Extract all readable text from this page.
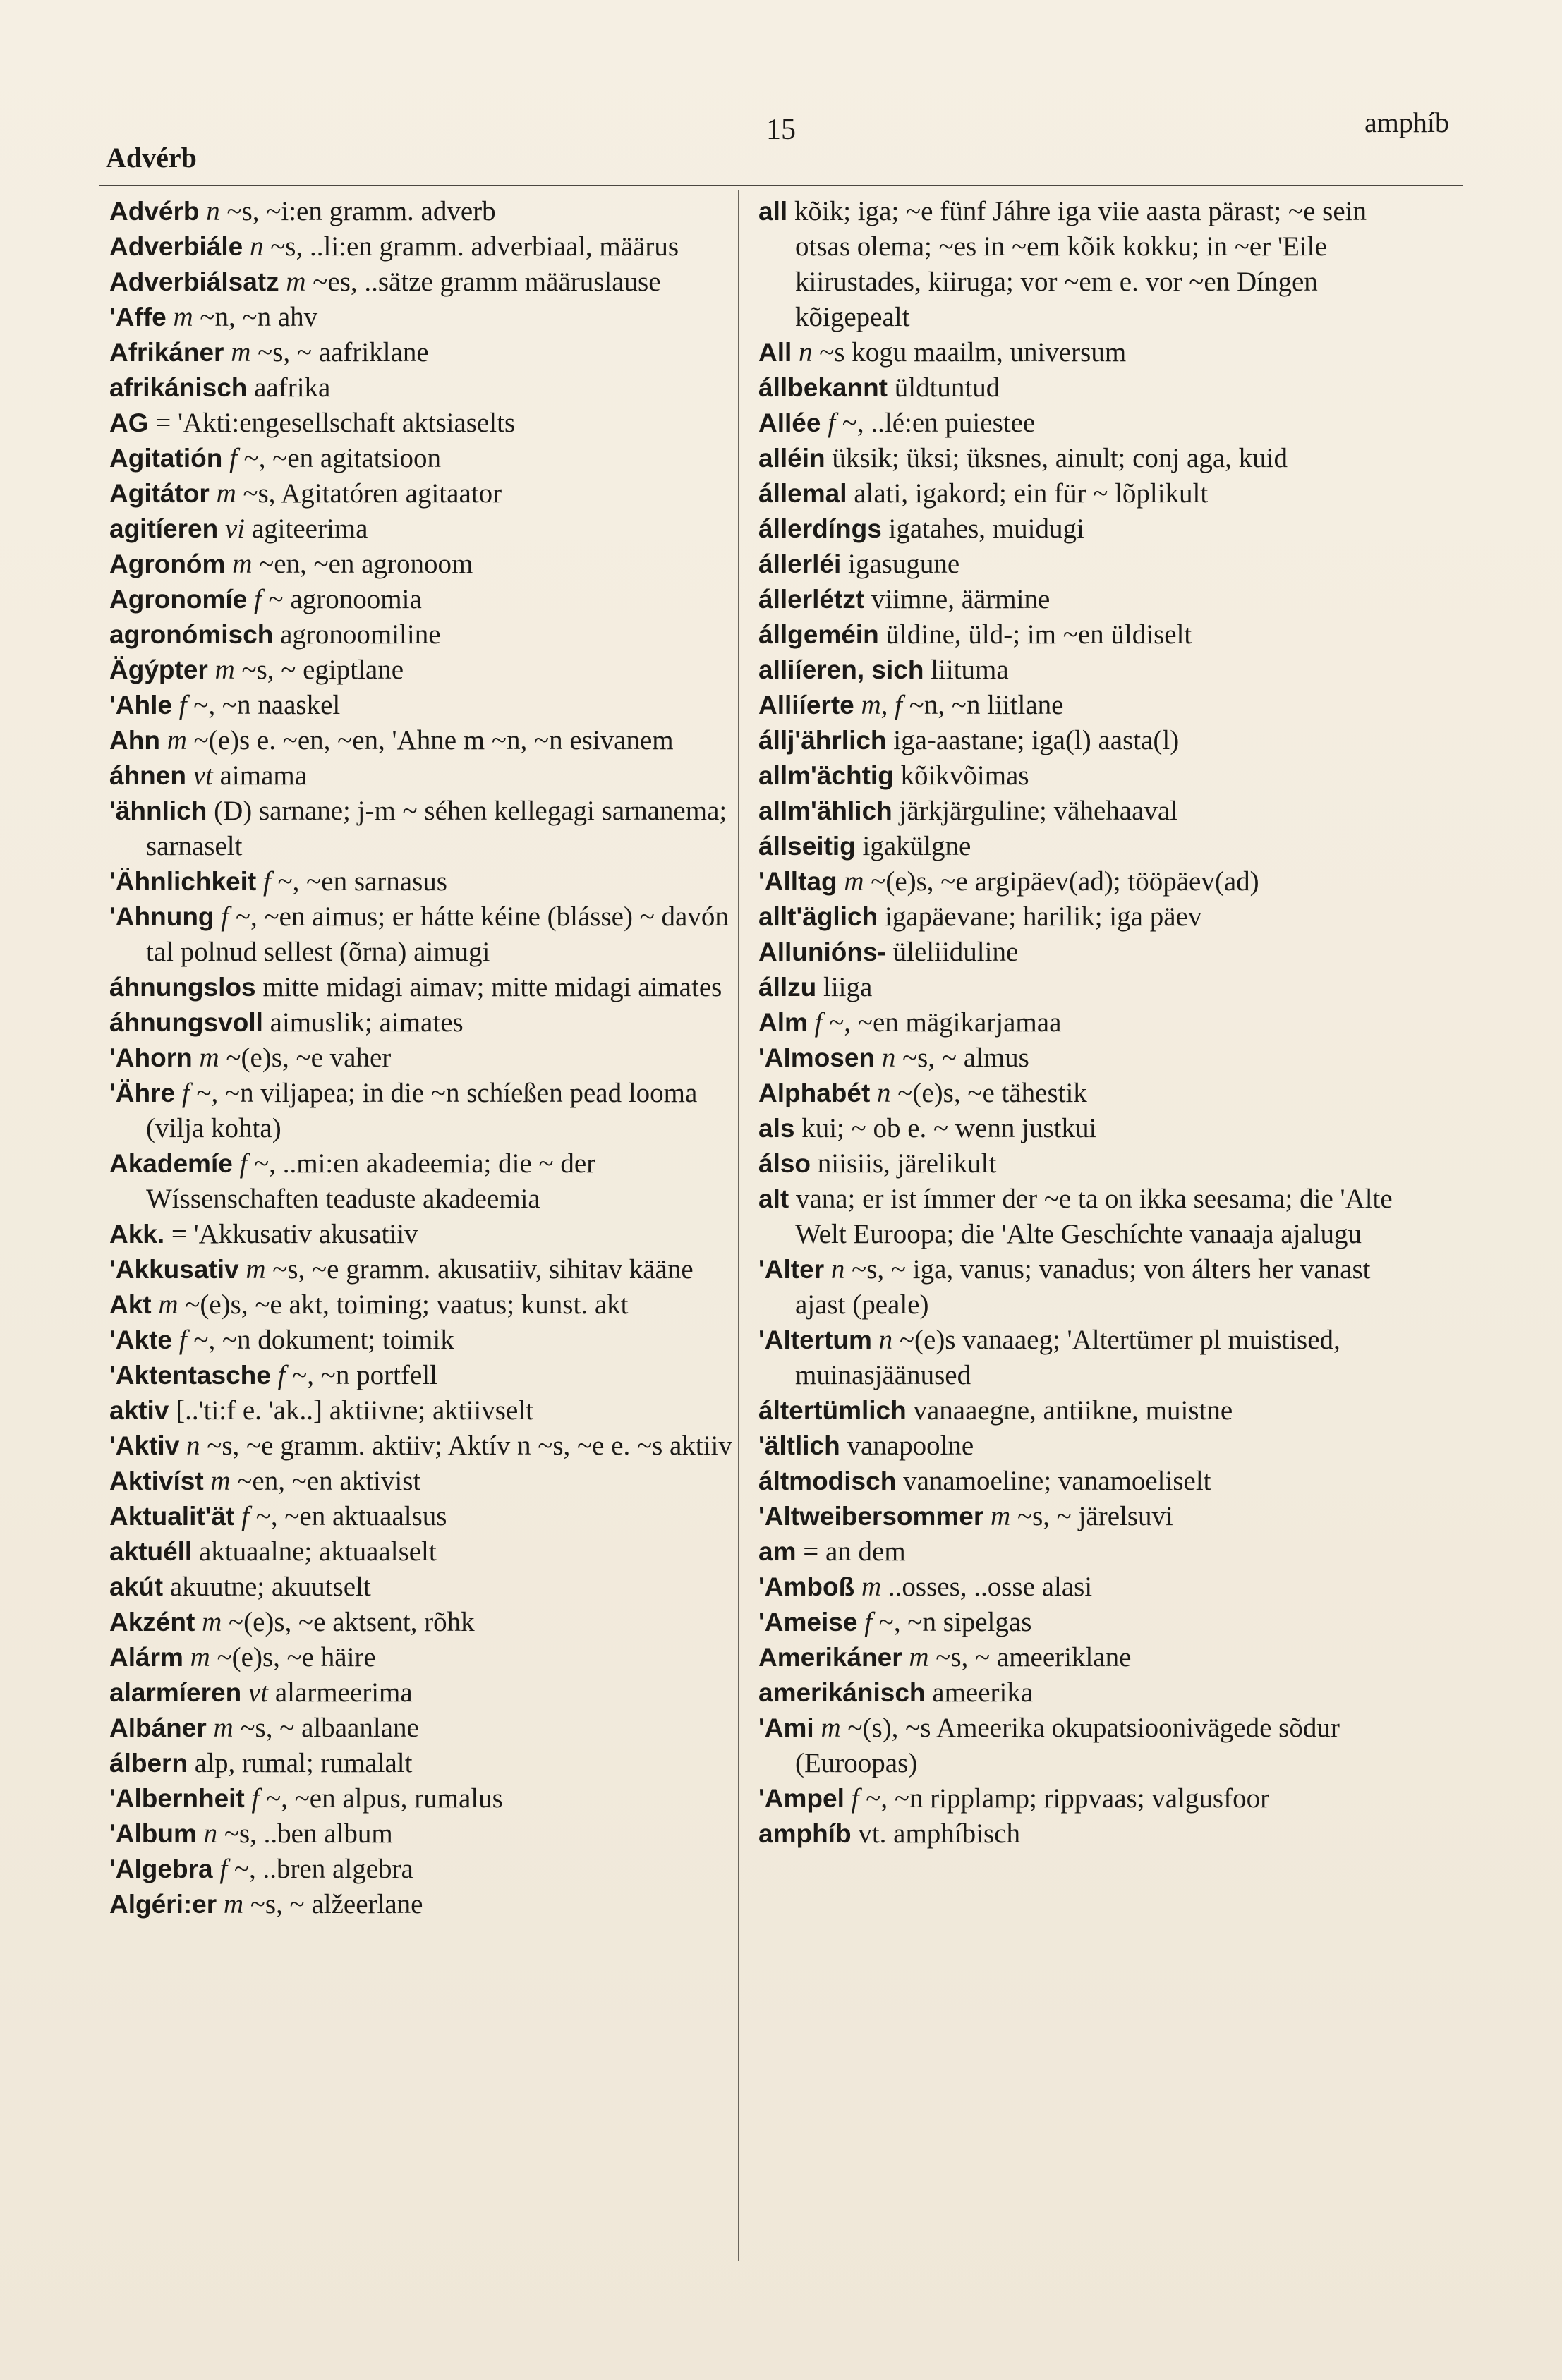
Advérb
15	amphíb

Advérb n ~s, ~i:en gramm. adverb

Adverbiále n ~s, ..li:en gramm. adverbiaal, määrus

Adverbiálsatz m ~es, ..sätze gramm määruslause

'Affe m ~n, ~n ahv

Afrikáner m ~s, ~ aafriklane

afrikánisch aafrika

AG = 'Akti:engesellschaft aktsiaselts

Agitatión f ~, ~en agitatsioon

Agitátor m ~s, Agitatóren agitaator

agitíeren vi agiteerima

Agronóm m ~en, ~en agronoom

Agronomíe f ~ agronoomia

agronómisch agronoomiline

Ägýpter m ~s, ~ egiptlane

'Ahle f ~, ~n naaskel

Ahn m ~(e)s e. ~en, ~en, 'Ahne m ~n, ~n esivanem

áhnen vt aimama

'ähnlich (D) sarnane; j-m ~ séhen kellegagi sarnanema; sarnaselt

'Ähnlichkeit f ~, ~en sarnasus

'Ahnung f ~, ~en aimus; er hátte kéine (blásse) ~ davón tal polnud sellest (õrna) aimugi

áhnungslos mitte midagi aimav; mitte midagi aimates

áhnungsvoll aimuslik; aimates

'Ahorn m ~(e)s, ~e vaher

'Ähre f ~, ~n viljapea; in die ~n schíeßen pead looma (vilja kohta)

Akademíe f ~, ..mi:en akadeemia; die ~ der Wíssenschaften teaduste akadeemia

Akk. = 'Akkusativ akusatiiv

'Akkusativ m ~s, ~e gramm. akusatiiv, sihitav kääne

Akt m ~(e)s, ~e akt, toiming; vaatus; kunst. akt

'Akte f ~, ~n dokument; toimik

'Aktentasche f ~, ~n portfell

aktiv [..'ti:f e. 'ak..] aktiivne; aktiivselt

'Aktiv n ~s, ~e gramm. aktiiv; Aktív n ~s, ~e e. ~s aktiiv

Aktivíst m ~en, ~en aktivist

Aktualit'ät f ~, ~en aktuaalsus

aktuéll aktuaalne; aktuaalselt

akút akuutne; akuutselt

Akzént m ~(e)s, ~e aktsent, rõhk

Alárm m ~(e)s, ~e häire

alarmíeren vt alarmeerima

Albáner m ~s, ~ albaanlane

álbern alp, rumal; rumalalt

'Albernheit f ~, ~en alpus, rumalus

'Album n ~s, ..ben album

'Algebra f ~, ..bren algebra

Algéri:er m ~s, ~ alžeerlane

all kõik; iga; ~e fünf Jáhre iga viie aasta pärast; ~e sein otsas olema; ~es in ~em kõik kokku; in ~er 'Eile kiirustades, kiiruga; vor ~em e. vor ~en Díngen kõigepealt

All n ~s kogu maailm, universum

állbekannt üldtuntud

Alléе f ~, ..lé:en puiestee

alléin üksik; üksi; üksnes, ainult; conj aga, kuid

állemal alati, igakord; ein für ~ lõplikult

állerdíngs igatahes, muidugi

állerléi igasugune

állerlétzt viimne, äärmine

állgeméin üldine, üld-; im ~en üldiselt

alliíeren, sich liituma

Alliíerte m, f ~n, ~n liitlane

állj'ährlich iga-aastane; iga(l) aasta(l)

allm'ächtig kõikvõimas

allm'ählich järkjärguline; vähehaaval

állseitig igakülgne

'Alltag m ~(e)s, ~e argipäev(ad); tööpäev(ad)

allt'äglich igapäevane; harilik; iga päev

Allunións- üleliiduline

állzu liiga

Alm f ~, ~en mägikarjamaa

'Almosen n ~s, ~ almus

Alphabét n ~(e)s, ~e tähestik

als kui; ~ ob e. ~ wenn justkui

álso niisiis, järelikult

alt vana; er ist ímmer der ~e ta on ikka seesama; die 'Alte Welt Euroopa; die 'Alte Geschíchte vanaaja ajalugu

'Alter n ~s, ~ iga, vanus; vanadus; von álters her vanast ajast (peale)

'Altertum n ~(e)s vanaaeg; 'Altertümer pl muistised, muinasjäänused

áltertümlich vanaaegne, antiikne, muistne

'ältlich vanapoolne

áltmodisch vanamoeline; vanamoeliselt

'Altweibersommer m ~s, ~ järelsuvi

am = an dem

'Amboß m ..osses, ..osse alasi

'Ameise f ~, ~n sipelgas

Amerikáner m ~s, ~ ameeriklane

amerikánisch ameerika

'Ami m ~(s), ~s Ameerika okupatsioonivägede sõdur (Euroopas)

'Ampel f ~, ~n ripplamp; rippvaas; valgusfoor

amphíb vt. amphíbisch
